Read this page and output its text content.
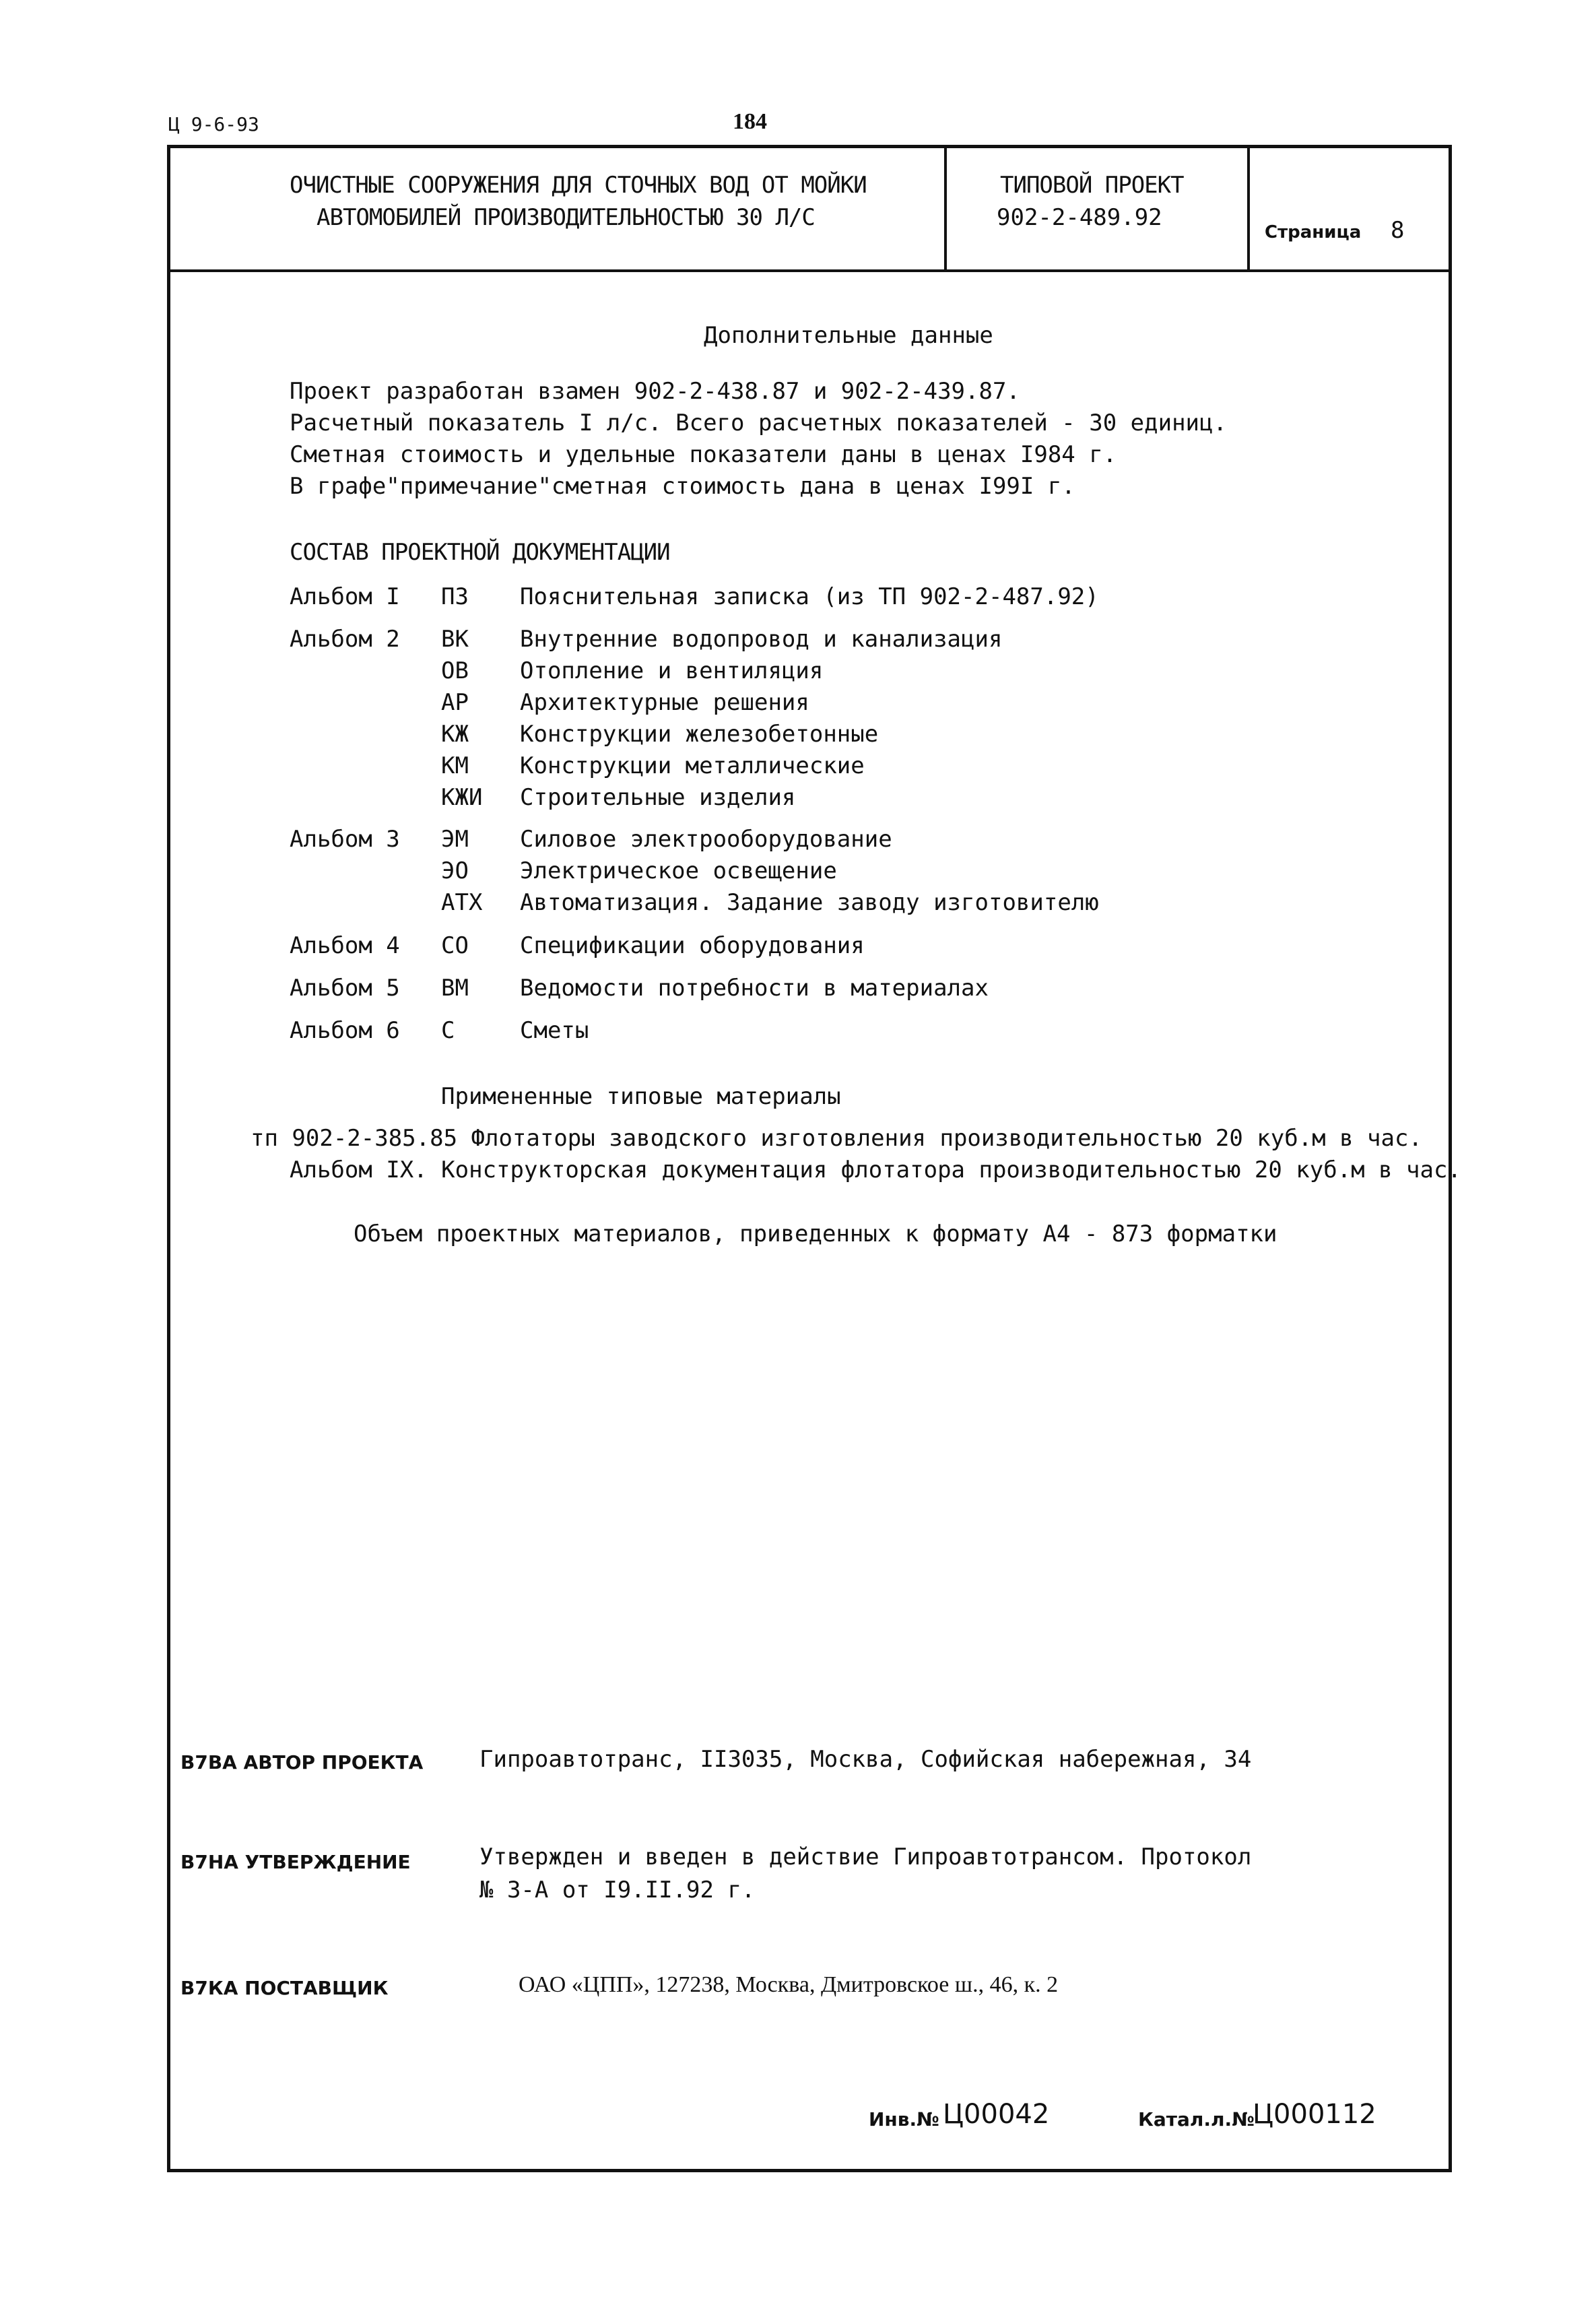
Ц 9-6-93	184
ОЧИСТНЫЕ СООРУЖЕНИЯ ДЛЯ СТОЧНЫХ ВОД ОТ МОЙКИ
АВТОМОБИЛЕЙ ПРОИЗВОДИТЕЛЬНОСТЬЮ 30 Л/С
ТИПОВОЙ ПРОЕКТ
902-2-489.92
Страница 8
Дополнительные данные
Проект разработан взамен 902-2-438.87 и 902-2-439.87.
Расчетный показатель I л/с. Всего расчетных показателей - 30 единиц.
Сметная стоимость и удельные показатели даны в ценах I984 г.
В графе"примечание"сметная стоимость дана в ценах I99I г.
СОСТАВ ПРОЕКТНОЙ ДОКУМЕНТАЦИИ
Альбом I ПЗ Пояснительная записка (из ТП 902-2-487.92)
Альбом 2 ВК Внутренние водопровод и канализация
ОВ Отопление и вентиляция
АР Архитектурные решения
КЖ Конструкции железобетонные
КМ Конструкции металлические
КЖИ Строительные изделия
Альбом 3 ЭМ Силовое электрооборудование
ЭО Электрическое освещение
АТХ Автоматизация. Задание заводу изготовителю
Альбом 4 СО Спецификации оборудования
Альбом 5 ВМ Ведомости потребности в материалах
Альбом 6 С	Сметы
Примененные типовые материалы
тп 902-2-385.85 Флотаторы заводского изготовления производительностью 20 куб.м в час.
Альбом IX. Конструкторская документация флотатора производительностью 20 куб.м в час.
Объем проектных материалов, приведенных к формату А4 - 873 форматки
В7ВА АВТОР ПРОЕКТА Гипроавтотранс, II3035, Москва, Софийская набережная, 34
В7НА УТВЕРЖДЕНИЕ	Утвержден и введен в действие Гипроавтотрансом. Протокол
№ 3-А от I9.II.92 г.
В7КА ПОСТАВЩИК	ОАО «ЦПП», 127238, Москва, Дмитровское ш., 46, к. 2
Инв.№ Ц00042	Катал.л.№
Ц000112
